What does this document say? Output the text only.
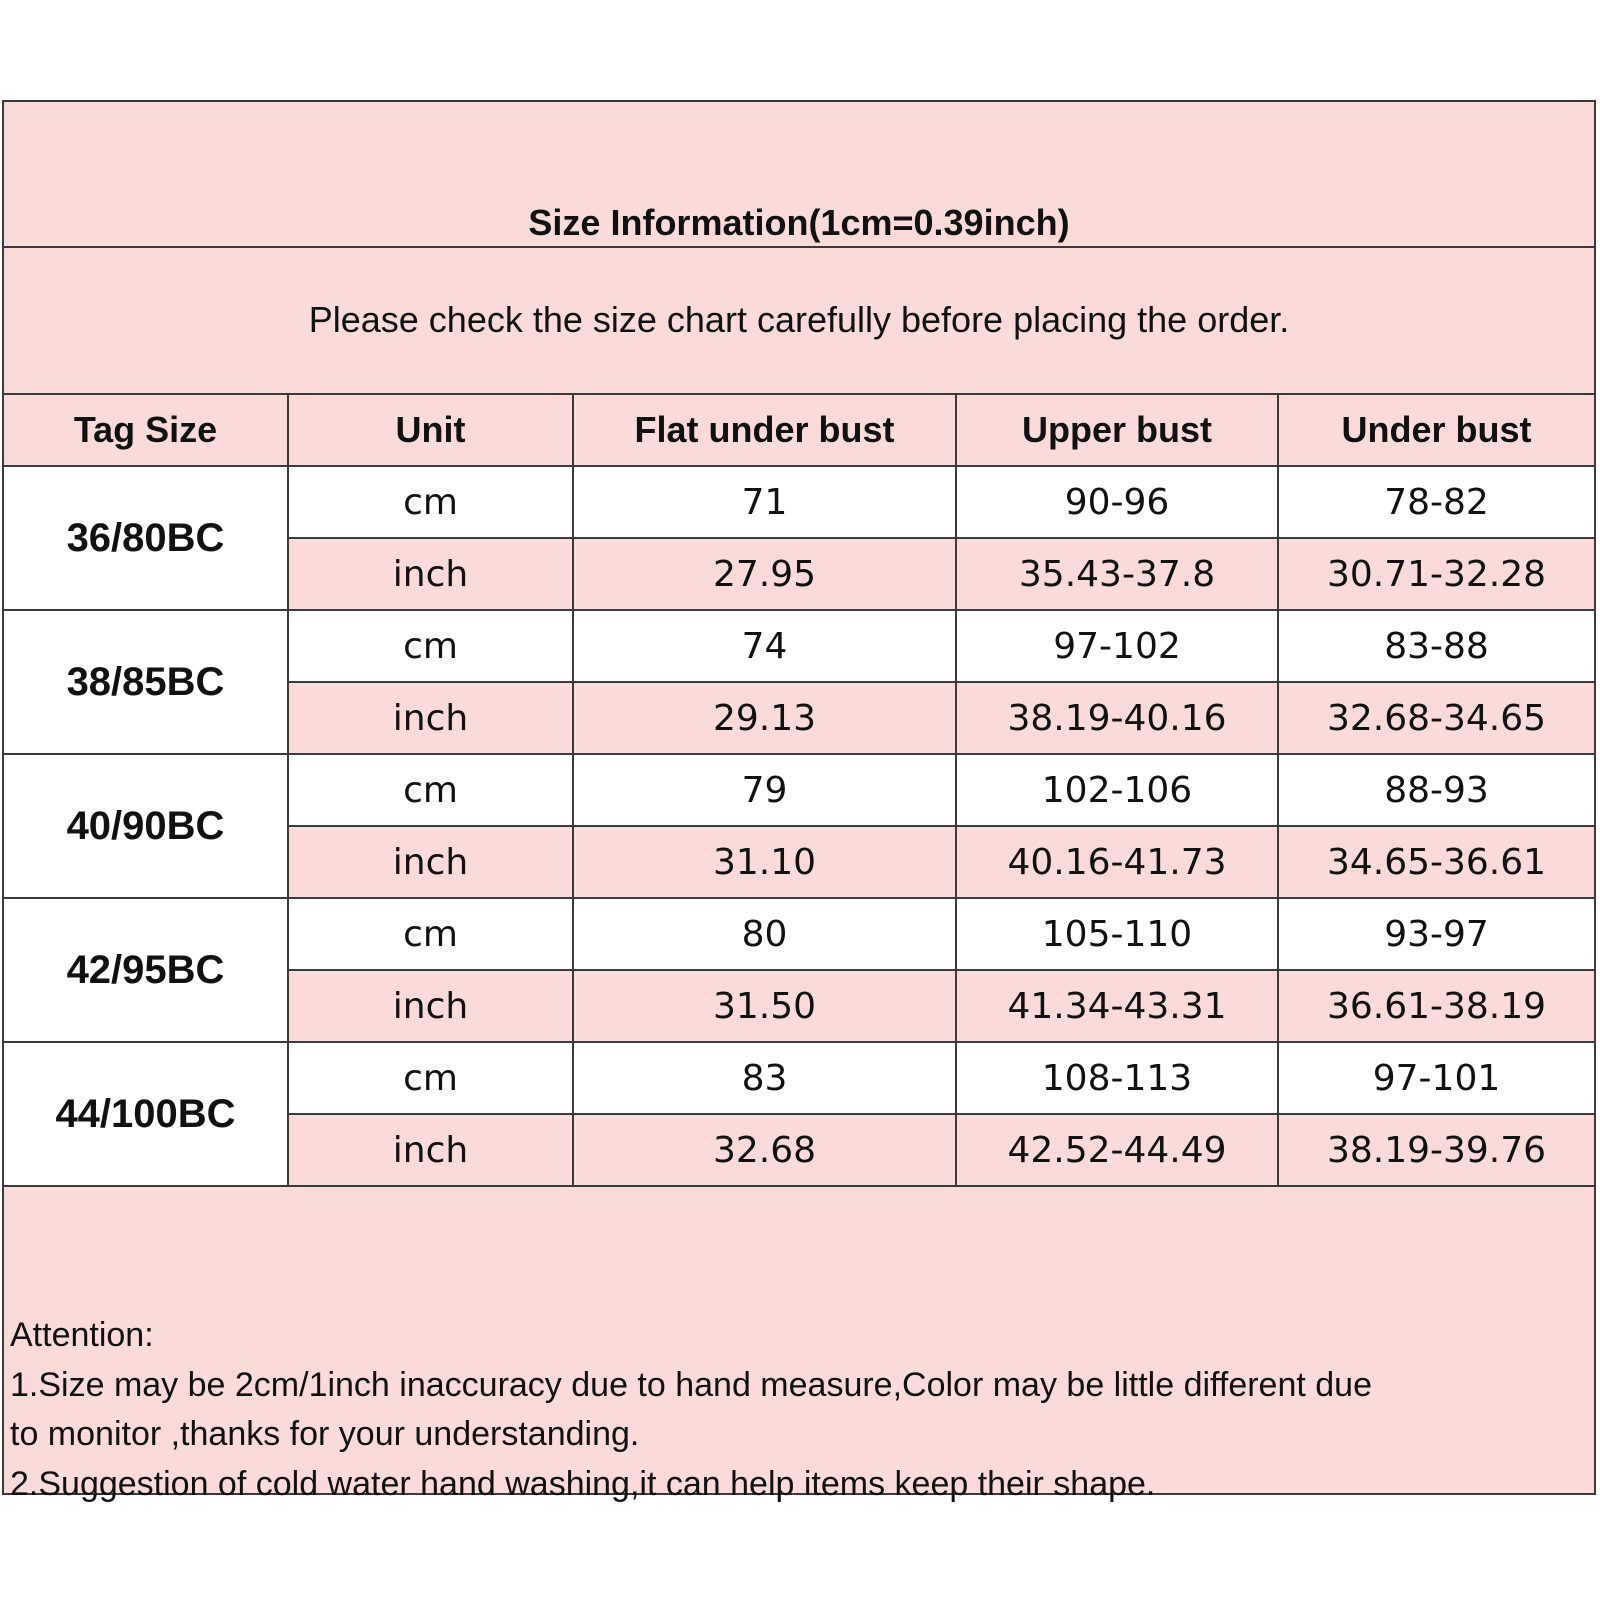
Size Information(1cm=0.39inch)
Please check the size chart carefully before placing the order.
Tag Size	Unit	Flat under bust	Upper bust	Under bust
36/80BC	cm	71	90-96	78-82
	inch	27.95	35.43-37.8	30.71-32.28
38/85BC	cm	74	97-102	83-88
	inch	29.13	38.19-40.16	32.68-34.65
40/90BC	cm	79	102-106	88-93
	inch	31.10	40.16-41.73	34.65-36.61
42/95BC	cm	80	105-110	93-97
	inch	31.50	41.34-43.31	36.61-38.19
44/100BC	cm	83	108-113	97-101
	inch	32.68	42.52-44.49	38.19-39.76
Attention:
1.Size may be 2cm/1inch inaccuracy due to hand measure,Color may be little different due
to monitor ,thanks for your understanding.
2.Suggestion of cold water hand washing,it can help items keep their shape.
